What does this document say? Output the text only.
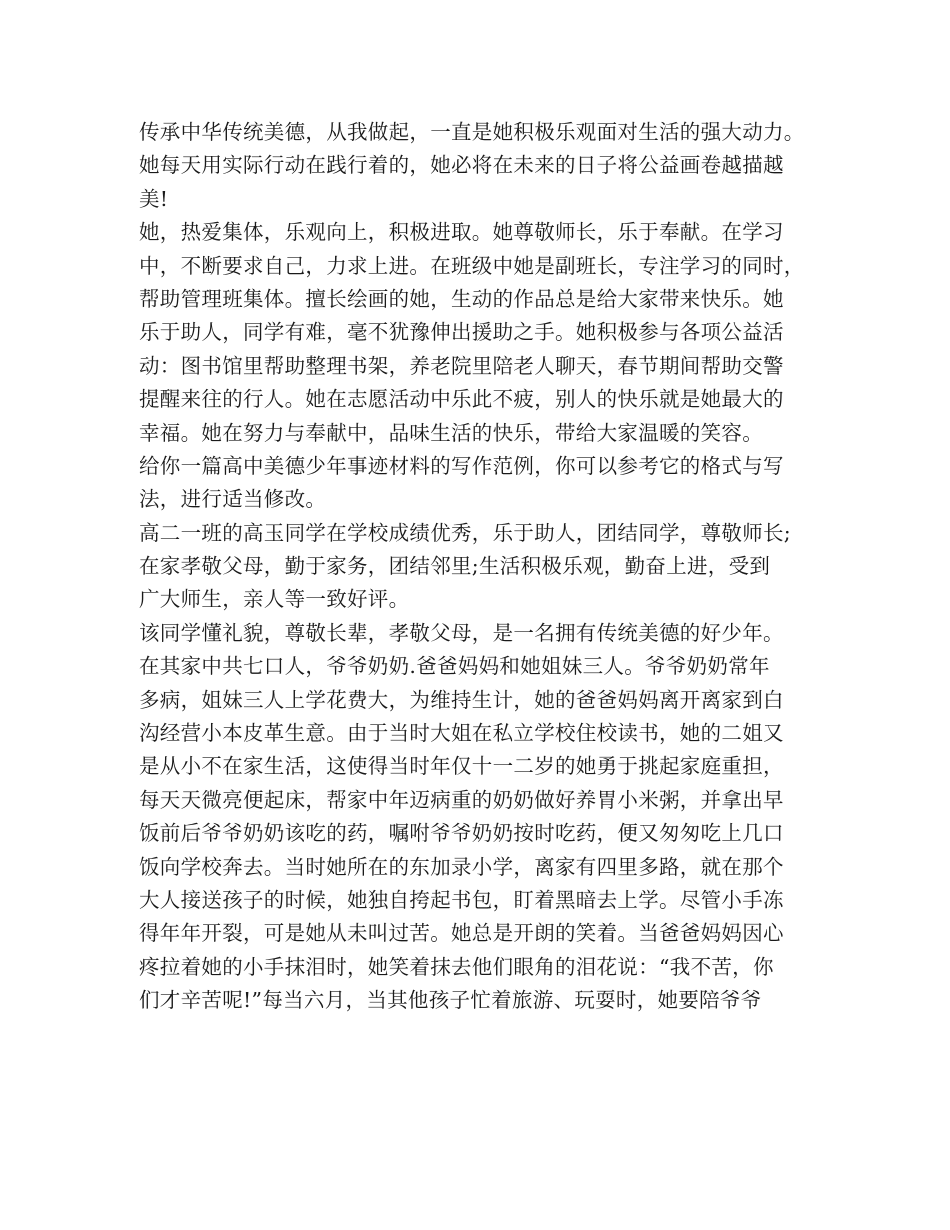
传承中华传统美德，从我做起，一直是她积极乐观面对生活的强大动力。
她每天用实际行动在践行着的，她必将在未来的日子将公益画卷越描越
美!
她，热爱集体，乐观向上，积极进取。她尊敬师长，乐于奉献。在学习
中，不断要求自己，力求上进。在班级中她是副班长，专注学习的同时，
帮助管理班集体。擅长绘画的她，生动的作品总是给大家带来快乐。她
乐于助人，同学有难，毫不犹豫伸出援助之手。她积极参与各项公益活
动：图书馆里帮助整理书架，养老院里陪老人聊天，春节期间帮助交警
提醒来往的行人。她在志愿活动中乐此不疲，别人的快乐就是她最大的
幸福。她在努力与奉献中，品味生活的快乐，带给大家温暖的笑容。
给你一篇高中美德少年事迹材料的写作范例，你可以参考它的格式与写
法，进行适当修改。
高二一班的高玉同学在学校成绩优秀，乐于助人，团结同学，尊敬师长;
在家孝敬父母，勤于家务，团结邻里;生活积极乐观，勤奋上进，受到
广大师生，亲人等一致好评。
该同学懂礼貌，尊敬长辈，孝敬父母，是一名拥有传统美德的好少年。
在其家中共七口人，爷爷奶奶.爸爸妈妈和她姐妹三人。爷爷奶奶常年
多病，姐妹三人上学花费大，为维持生计，她的爸爸妈妈离开离家到白
沟经营小本皮革生意。由于当时大姐在私立学校住校读书，她的二姐又
是从小不在家生活，这使得当时年仅十一二岁的她勇于挑起家庭重担，
每天天微亮便起床，帮家中年迈病重的奶奶做好养胃小米粥，并拿出早
饭前后爷爷奶奶该吃的药，嘱咐爷爷奶奶按时吃药，便又匆匆吃上几口
饭向学校奔去。当时她所在的东加录小学，离家有四里多路，就在那个
大人接送孩子的时候，她独自挎起书包，盯着黑暗去上学。尽管小手冻
得年年开裂，可是她从未叫过苦。她总是开朗的笑着。当爸爸妈妈因心
疼拉着她的小手抹泪时，她笑着抹去他们眼角的泪花说：“我不苦，你
们才辛苦呢!”每当六月，当其他孩子忙着旅游、玩耍时，她要陪爷爷
